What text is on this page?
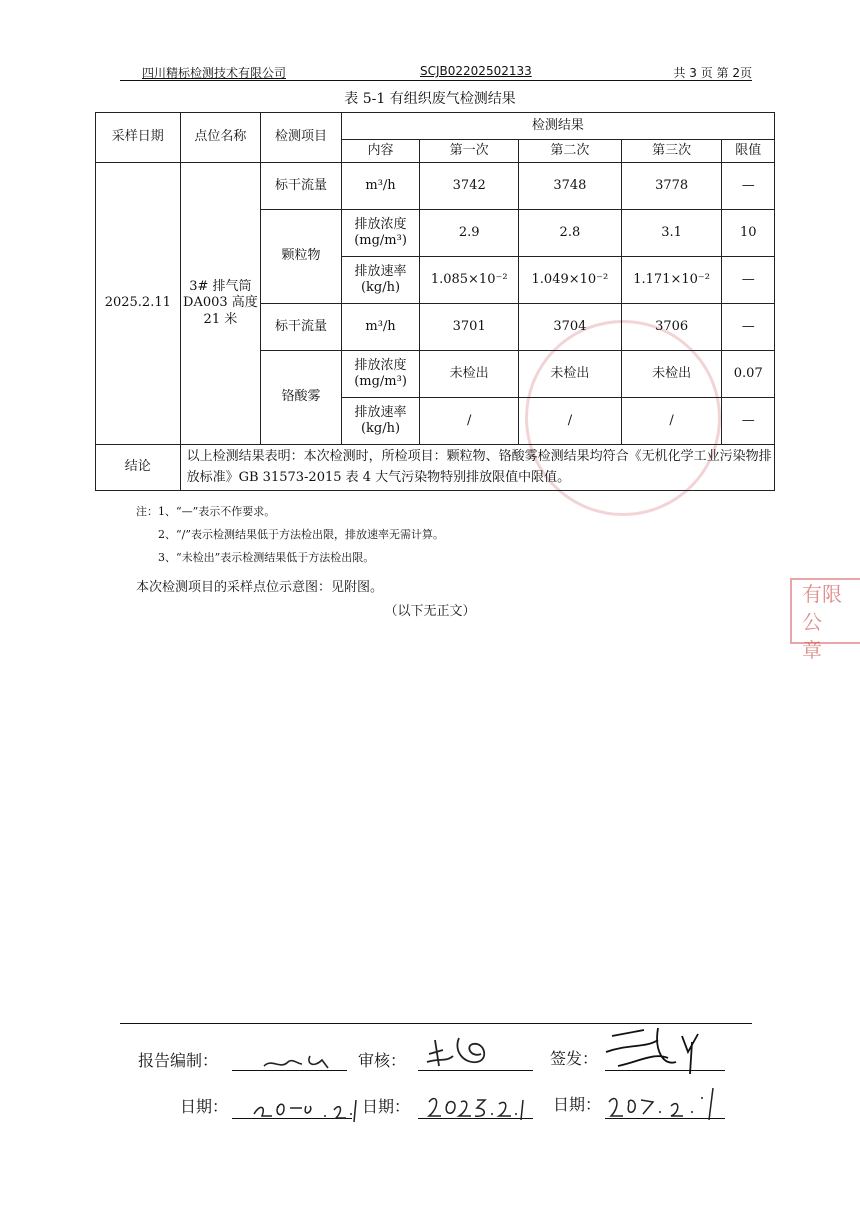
四川精标检测技术有限公司	SCJB02202502133	共 3 页 第 2页
表 5-1 有组织废气检测结果
采样日期	点位名称	检测项目	检测结果				
			内容	第一次	第二次	第三次	限值
2025.2.11	3# 排气筒 DA003 高度 21 米	标干流量	m³/h	3742	3748	3778	—
		颗粒物	排放浓度 (mg/m³)	2.9	2.8	3.1	10
			排放速率 (kg/h)	1.085×10⁻²	1.049×10⁻²	1.171×10⁻²	—
		标干流量	m³/h	3701	3704	3706	—
		铬酸雾	排放浓度 (mg/m³)	未检出	未检出	未检出	0.07
			排放速率 (kg/h)	/	/	/	—
结论	以上检测结果表明：本次检测时，所检项目：颗粒物、铬酸雾检测结果均符合《无机化学工业污染物排放标准》GB 31573-2015 表 4 大气污染物特别排放限值中限值。						
注：1、“—”表示不作要求。
2、“/”表示检测结果低于方法检出限，排放速率无需计算。
3、“未检出”表示检测结果低于方法检出限。
本次检测项目的采样点位示意图：见附图。
（以下无正文）
有限公
章
报告编制：	审核：	签发：
日期：	日期：	日期：
